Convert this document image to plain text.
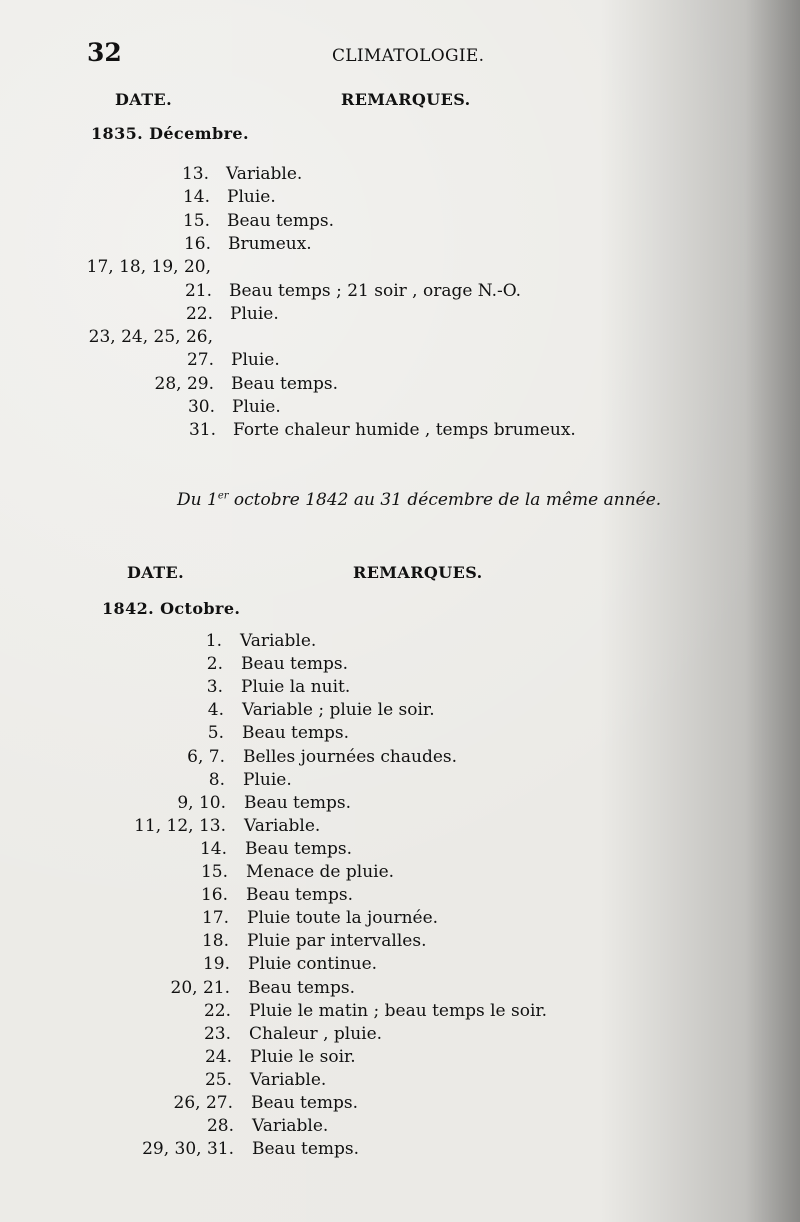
32	CLIMATOLOGIE.
DATE.	REMARQUES.
1835. Décembre.
13. Variable.
14. Pluie.
15. Beau temps.
16. Brumeux.
17, 18, 19, 20,
21. Beau temps ; 21 soir , orage N.-O.
22. Pluie.
23, 24, 25, 26,
27. Pluie.
28, 29. Beau temps.
30. Pluie.
31. Forte chaleur humide , temps brumeux.
Du 1er octobre 1842 au 31 décembre de la même année.
DATE.	REMARQUES.
1842. Octobre.
1. Variable.
2. Beau temps.
3. Pluie la nuit.
4. Variable ; pluie le soir.
5. Beau temps.
6, 7. Belles journées chaudes.
8. Pluie.
9, 10. Beau temps.
11, 12, 13. Variable.
14. Beau temps.
15. Menace de pluie.
16. Beau temps.
17. Pluie toute la journée.
18. Pluie par intervalles.
19. Pluie continue.
20, 21. Beau temps.
22. Pluie le matin ; beau temps le soir.
23. Chaleur , pluie.
24. Pluie le soir.
25. Variable.
26, 27. Beau temps.
28. Variable.
29, 30, 31. Beau temps.
